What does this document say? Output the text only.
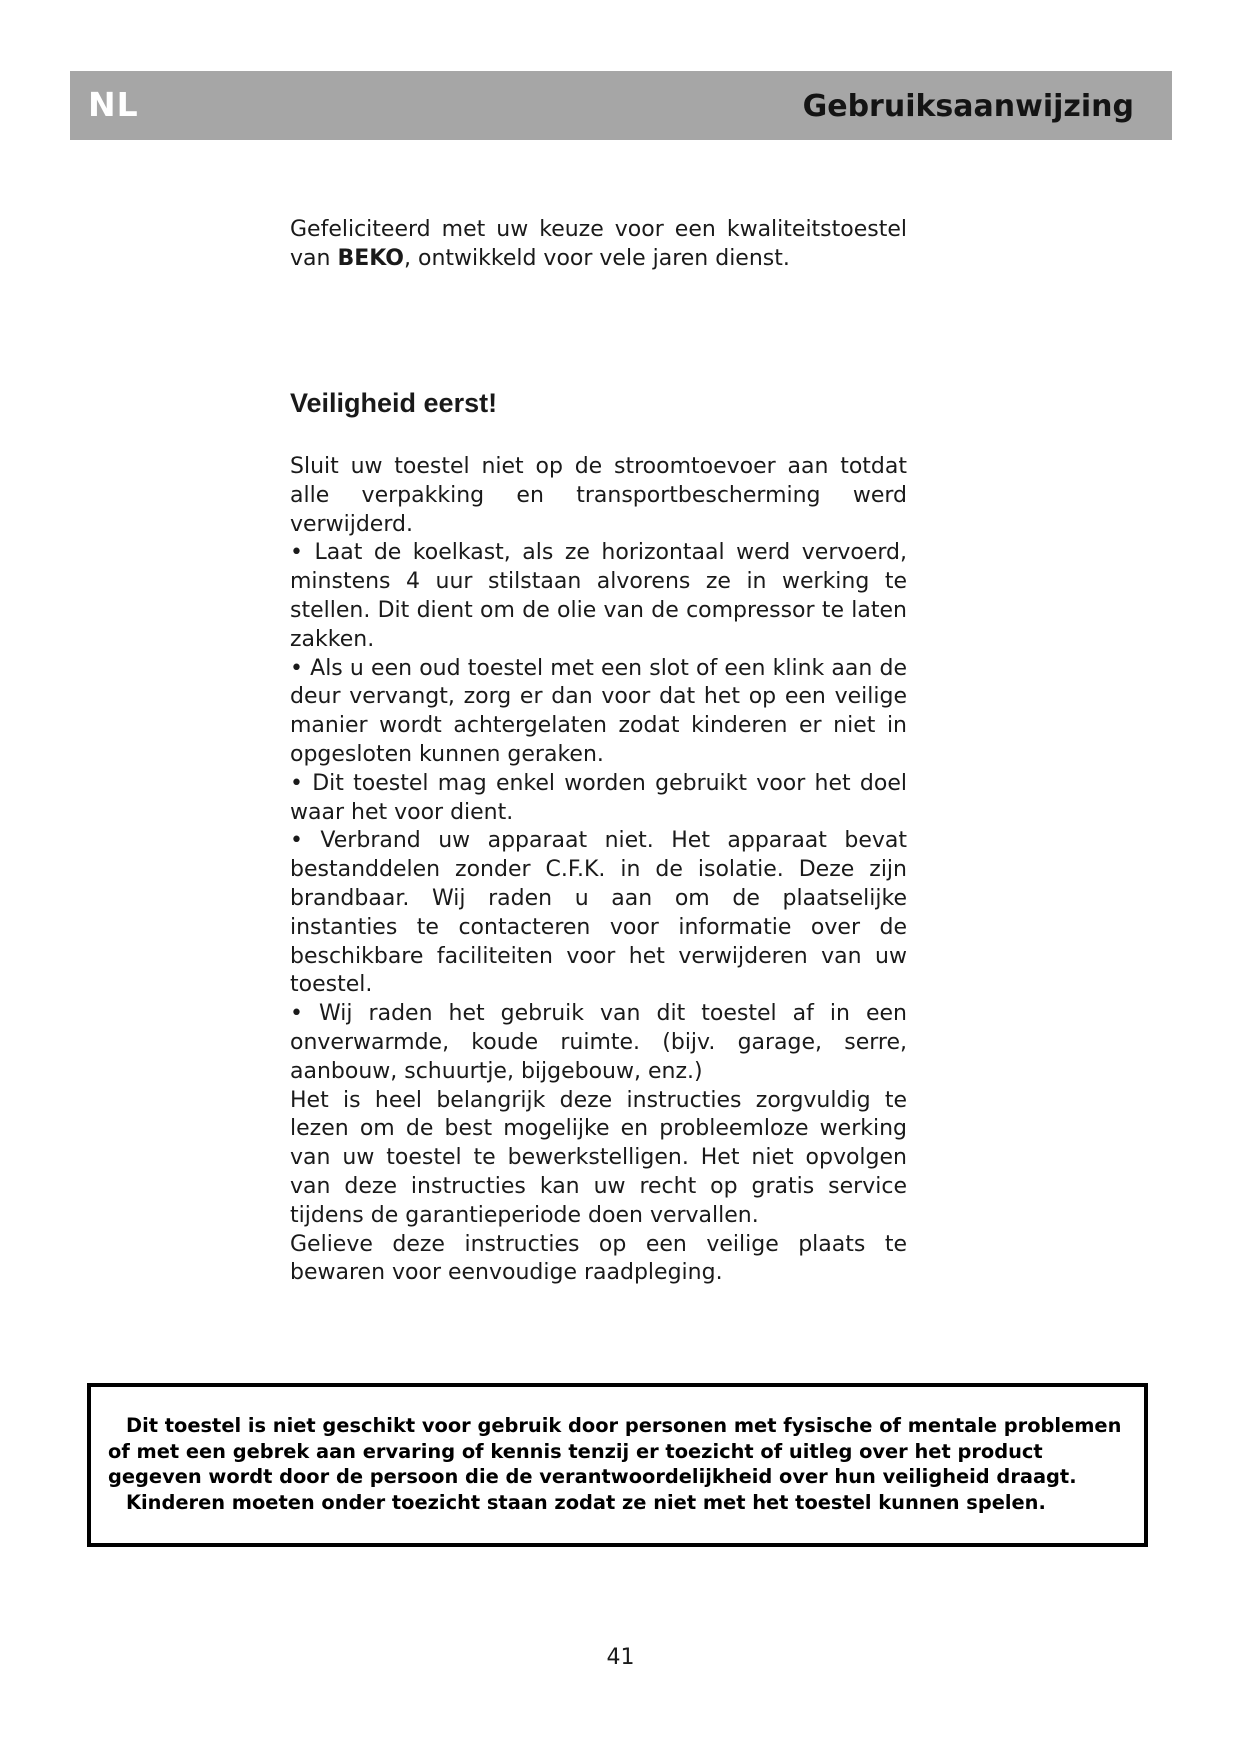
NL	Gebruiksaanwijzing

Gefeliciteerd met uw keuze voor een kwaliteitstoestel van BEKO, ontwikkeld voor vele jaren dienst.

Veiligheid eerst!

Sluit uw toestel niet op de stroomtoevoer aan totdat alle verpakking en transportbescherming werd verwijderd.

• Laat de koelkast, als ze horizontaal werd vervoerd, minstens 4 uur stilstaan alvorens ze in werking te stellen. Dit dient om de olie van de compressor te laten zakken.

• Als u een oud toestel met een slot of een klink aan de deur vervangt, zorg er dan voor dat het op een veilige manier wordt achtergelaten zodat kinderen er niet in opgesloten kunnen geraken.

• Dit toestel mag enkel worden gebruikt voor het doel waar het voor dient.

• Verbrand uw apparaat niet. Het apparaat bevat bestanddelen zonder C.F.K. in de isolatie. Deze zijn brandbaar. Wij raden u aan om de plaatselijke instanties te contacteren voor informatie over de beschikbare faciliteiten voor het verwijderen van uw toestel.

• Wij raden het gebruik van dit toestel af in een onverwarmde, koude ruimte. (bijv. garage, serre, aanbouw, schuurtje, bijgebouw, enz.)

Het is heel belangrijk deze instructies zorgvuldig te lezen om de best mogelijke en probleemloze werking van uw toestel te bewerkstelligen. Het niet opvolgen van deze instructies kan uw recht op gratis service tijdens de garantieperiode doen vervallen.

Gelieve deze instructies op een veilige plaats te bewaren voor eenvoudige raadpleging.

Dit toestel is niet geschikt voor gebruik door personen met fysische of mentale problemen of met een gebrek aan ervaring of kennis tenzij er toezicht of uitleg over het product gegeven wordt door de persoon die de verantwoordelijkheid over hun veiligheid draagt.

Kinderen moeten onder toezicht staan zodat ze niet met het toestel kunnen spelen.

41
